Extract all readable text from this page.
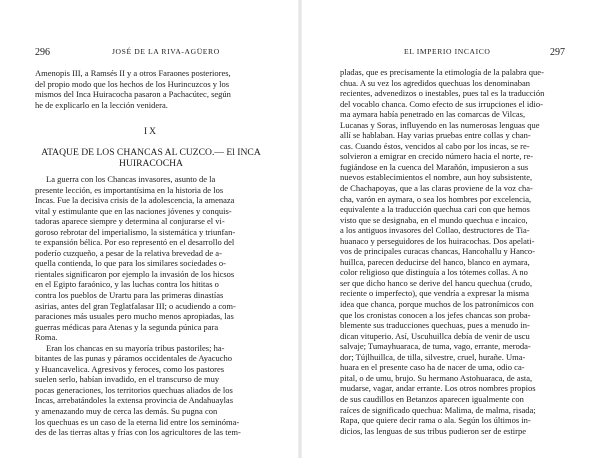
296	JOSÉ DE LA RIVA-AGÜERO
Amenopis III, a Ramsés II y a otros Faraones posteriores,
del propio modo que los hechos de los Hurincuzcos y los
mismos del Inca Huiracocha pasaron a Pachacútec, según
he de explicarlo en la lección venidera.
IX
ATAQUE DE LOS CHANCAS AL CUZCO.— El INCA
HUIRACOCHA
La guerra con los Chancas invasores, asunto de la
presente lección, es importantísima en la historia de los
Incas. Fue la decisiva crisis de la adolescencia, la amenaza
vital y estimulante que en las naciones jóvenes y conquis-
tadoras aparece siempre y determina al conjurarse el vi-
goroso rebrotar del imperialismo, la sistemática y triunfan-
te expansión bélica. Por eso representó en el desarrollo del
poderío cuzqueño, a pesar de la relativa brevedad de a-
quella contienda, lo que para los similares sociedades o-
rientales significaron por ejemplo la invasión de los hicsos
en el Egipto faraónico, y las luchas contra los hititas o
contra los pueblos de Urartu para las primeras dinastías
asirias, antes del gran Teglatfalasar III; o acudiendo a com-
paraciones más usuales pero mucho menos apropiadas, las
guerras médicas para Atenas y la segunda púnica para
Roma.
Eran los chancas en su mayoría tribus pastoriles; ha-
bitantes de las punas y páramos occidentales de Ayacucho
y Huancavelica. Agresivos y feroces, como los pastores
suelen serlo, habían invadido, en el transcurso de muy
pocas generaciones, los territorios quechuas aliados de los
Incas, arrebatándoles la extensa provincia de Andahuaylas
y amenazando muy de cerca las demás. Su pugna con
los quechuas es un caso de la eterna lid entre los seminóma-
des de las tierras altas y frías con los agricultores de las tem-
EL IMPERIO INCAICO	297
pladas, que es precisamente la etimología de la palabra que-
chua. A su vez los agredidos quechuas los denominaban
recientes, advenedizos o inestables, pues tal es la traducción
del vocablo chanca. Como efecto de sus irrupciones el idio-
ma aymara había penetrado en las comarcas de Vilcas,
Lucanas y Soras, influyendo en las numerosas lenguas que
allí se hablaban. Hay varias pruebas entre collas y chan-
cas. Cuando éstos, vencidos al cabo por los incas, se re-
solvieron a emigrar en crecido número hacia el norte, re-
fugiándose en la cuenca del Marañón, impusieron a sus
nuevos establecimientos el nombre, aun hoy subsistente,
de Chachapoyas, que a las claras proviene de la voz cha-
cha, varón en aymara, o sea los hombres por excelencia,
equivalente a la traducción quechua cari con que hemos
visto que se designaba, en el mundo quechua e incaico,
a los antiguos invasores del Collao, destructores de Tia-
huanaco y perseguidores de los huiracochas. Dos apelati-
vos de principales curacas chancas, Hancohallu y Hanco-
huillca, parecen deducirse del hanco, blanco en aymara,
color religioso que distinguía a los tótemes collas. A no
ser que dicho hanco se derive del hancu quechua (crudo,
reciente o imperfecto), que vendría a expresar la misma
idea que chanca, porque muchos de los patronímicos con
que los cronistas conocen a los jefes chancas son proba-
blemente sus traducciones quechuas, pues a menudo in-
dican vituperio. Así, Uscuhuillca debía de venir de uscu
salvaje; Tumayhuaraca, de tuma, vago, errante, meroda-
dor; Tújlhuillca, de tilla, silvestre, cruel, hurañe. Uma-
huara en el presente caso ha de nacer de uma, odio ca-
pital, o de umu, brujo. Su hermano Astohuaraca, de asta,
mudarse, vagar, andar errante. Los otros nombres propios
de sus caudillos en Betanzos aparecen igualmente con
raíces de significado quechua: Malima, de malma, risada;
Rapa, que quiere decir rama o ala. Según los últimos in-
dicios, las lenguas de sus tribus pudieron ser de estirpe
